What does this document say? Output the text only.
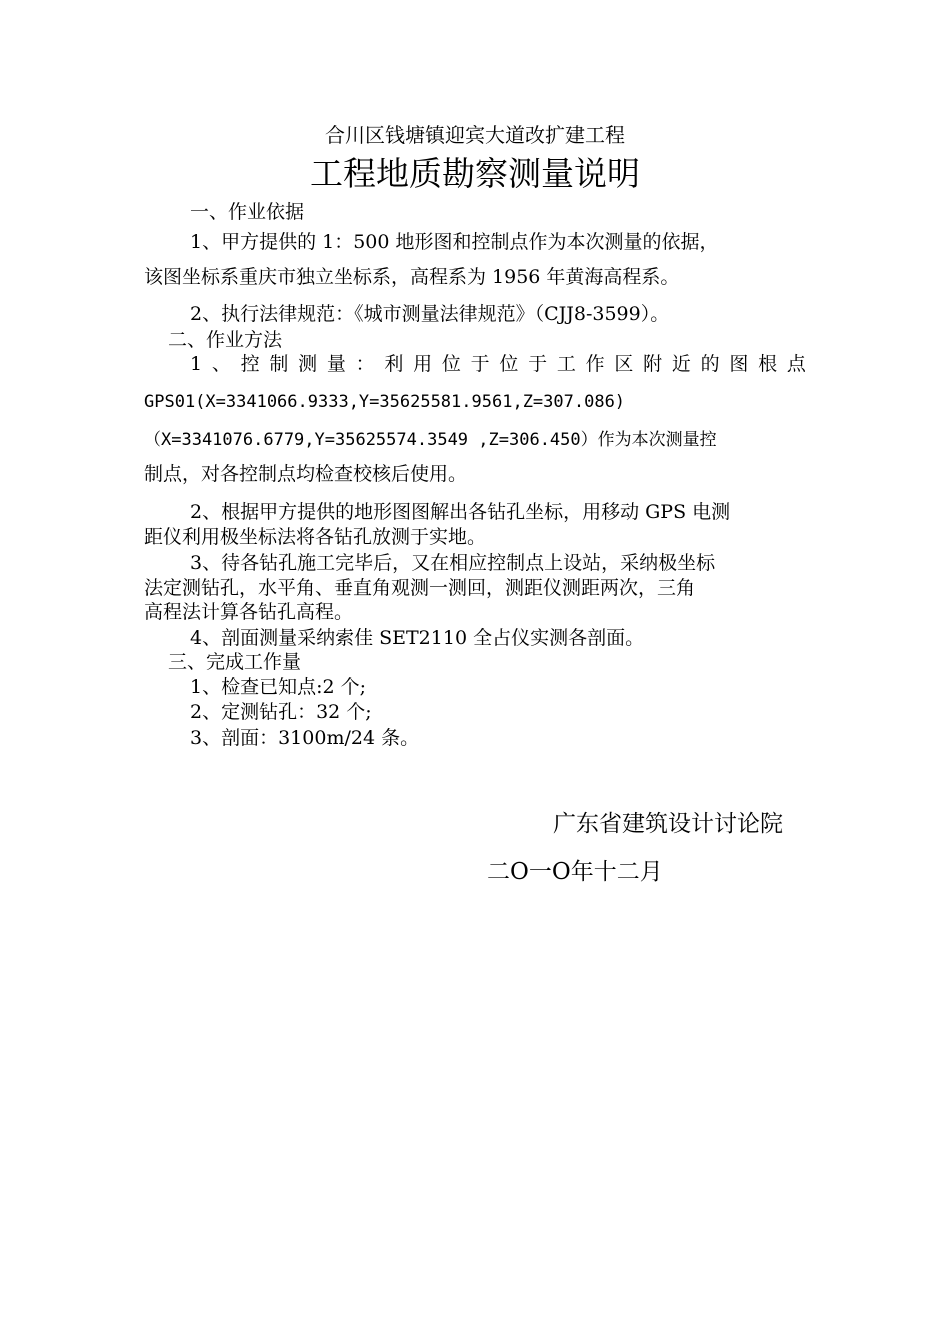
合川区钱塘镇迎宾大道改扩建工程
工程地质勘察测量说明
一、作业依据
1、甲方提供的 1：500 地形图和控制点作为本次测量的依据，
该图坐标系重庆市独立坐标系，高程系为 1956 年黄海高程系。
2、执行法律规范：《城市测量法律规范》（CJJ8-3599）。
二、作业方法
1 、 控 制 测 量 ： 利 用 位 于 位 于 工 作 区 附 近 的 图 根 点
GPS01(X=3341066.9333,Y=35625581.9561,Z=307.086)
（X=3341076.6779,Y=35625574.3549 ,Z=306.450）作为本次测量控
制点，对各控制点均检查校核后使用。
2、根据甲方提供的地形图图解出各钻孔坐标，用移动 GPS 电测
距仪利用极坐标法将各钻孔放测于实地。
3、待各钻孔施工完毕后，又在相应控制点上设站，采纳极坐标
法定测钻孔，水平角、垂直角观测一测回，测距仪测距两次，三角
高程法计算各钻孔高程。
4、剖面测量采纳索佳 SET2110 全占仪实测各剖面。
三、完成工作量
1、检查已知点:2 个;
2、定测钻孔：32 个;
3、剖面：3100m/24 条。
广东省建筑设计讨论院
二O一O年十二月
